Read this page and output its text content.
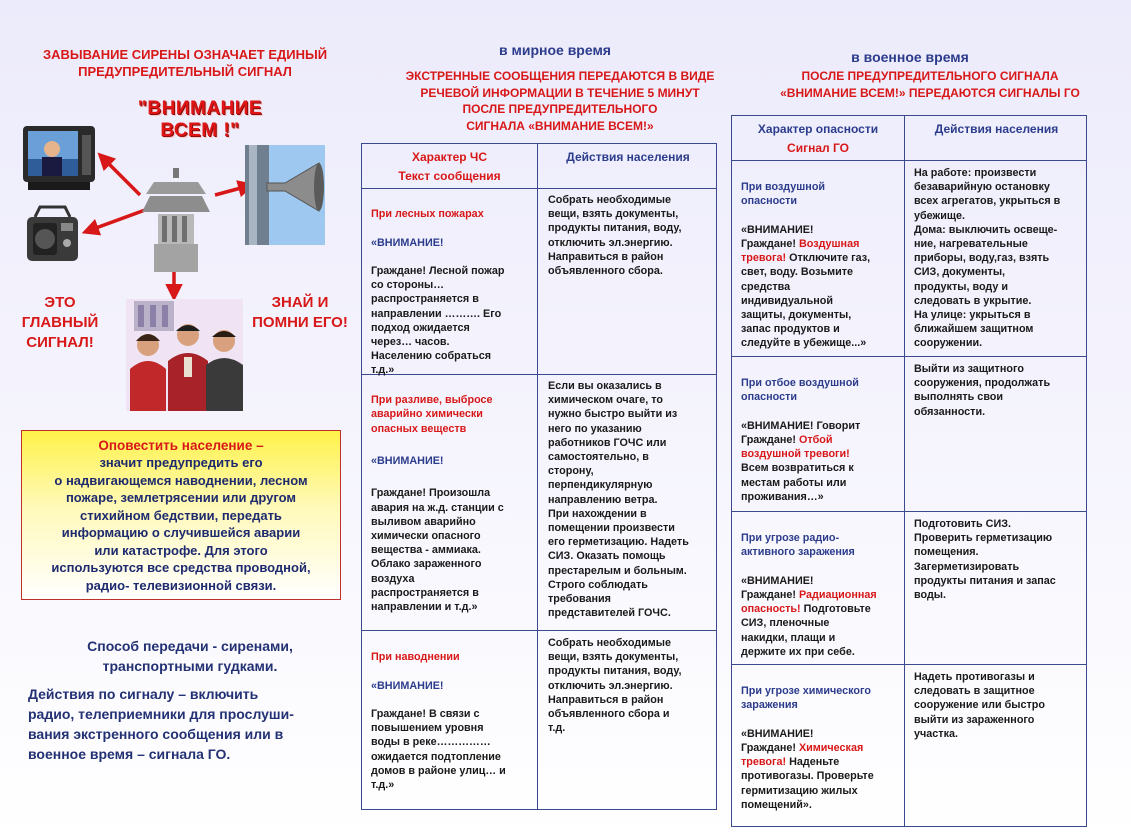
ЗАВЫВАНИЕ СИРЕНЫ ОЗНАЧАЕТ ЕДИНЫЙ ПРЕДУПРЕДИТЕЛЬНЫЙ СИГНАЛ
"ВНИМАНИЕ
ВСЕМ !"
ЭТО ГЛАВНЫЙ СИГНАЛ!
ЗНАЙ И ПОМНИ ЕГО!
Оповестить население –
значит предупредить его
о надвигающемся наводнении, лесном
пожаре, землетрясении или другом
стихийном бедствии, передать
информацию о случившейся аварии
или катастрофе. Для этого
используются все средства проводной,
радио- телевизионной связи.
Способ передачи - сиренами,
транспортными гудками.
Действия по сигналу – включить
радио, телеприемники для прослуши-
вания экстренного сообщения или в
военное время – сигнала ГО.
в мирное время
ЭКСТРЕННЫЕ СООБЩЕНИЯ ПЕРЕДАЮТСЯ В ВИДЕ
РЕЧЕВОЙ ИНФОРМАЦИИ В ТЕЧЕНИЕ 5 МИНУТ
ПОСЛЕ ПРЕДУПРЕДИТЕЛЬНОГО
СИГНАЛА «ВНИМАНИЕ ВСЕМ!»
Характер ЧС
Текст сообщения
Действия населения

При лесных пожарах

«ВНИМАНИЕ!

Граждане! Лесной пожар
со стороны…
распространяется в
направлении ………. Его
подход ожидается
через… часов.
Населению собраться
т.д.»

Собрать необходимые
вещи, взять документы,
продукты питания, воду,
отключить эл.энергию.
Направиться в район
объявленного сбора.

При разливе, выбросе
аварийно химически
опасных веществ

«ВНИМАНИЕ!

Граждане! Произошла
авария на ж.д. станции с
выливом аварийно
химически опасного
вещества - аммиака.
Облако зараженного
воздуха
распространяется в
направлении и т.д.»

Если вы оказались в
химическом очаге, то
нужно быстро выйти из
него по указанию
работников ГОЧС или
самостоятельно, в
сторону,
перпендикулярную
направлению ветра.
При нахождении в
помещении произвести
его герметизацию. Надеть
СИЗ. Оказать помощь
престарелым и больным.
Строго соблюдать
требования
представителей ГОЧС.

При наводнении

«ВНИМАНИЕ!

Граждане! В связи с
повышением уровня
воды в реке……………
ожидается подтопление
домов в районе улиц… и
т.д.»

Собрать необходимые
вещи, взять документы,
продукты питания, воду,
отключить эл.энергию.
Направиться в район
объявленного сбора и
т.д.
в военное время
ПОСЛЕ ПРЕДУПРЕДИТЕЛЬНОГО СИГНАЛА
«ВНИМАНИЕ ВСЕМ!» ПЕРЕДАЮТСЯ СИГНАЛЫ ГО
Характер опасности
Сигнал ГО
Действия населения

При воздушной
опасности

«ВНИМАНИЕ!
Граждане! Воздушная
тревога! Отключите газ,
свет, воду. Возьмите
средства
индивидуальной
защиты, документы,
запас продуктов и
следуйте в убежище...»

На работе: произвести
безаварийную остановку
всех агрегатов, укрыться в
убежище.
Дома: выключить освеще-
ние, нагревательные
приборы, воду,газ, взять
СИЗ, документы,
продукты, воду и
следовать в укрытие.
На улице: укрыться в
ближайшем защитном
сооружении.

При отбое воздушной
опасности

«ВНИМАНИЕ! Говорит
Граждане! Отбой
воздушной тревоги!
Всем возвратиться к
местам работы или
проживания…»

Выйти из защитного
сооружения, продолжать
выполнять свои
обязанности.

При угрозе радио-
активного заражения

«ВНИМАНИЕ!
Граждане! Радиационная
опасность! Подготовьте
СИЗ, пленочные
накидки, плащи и
держите их при себе.

Подготовить СИЗ.
Проверить герметизацию
помещения.
Загерметизировать
продукты питания и запас
воды.

При угрозе химического
заражения

«ВНИМАНИЕ!
Граждане! Химическая
тревога! Наденьте
противогазы. Проверьте
гермитизацию жилых
помещений».

Надеть противогазы и
следовать в защитное
сооружение или быстро
выйти из зараженного
участка.
